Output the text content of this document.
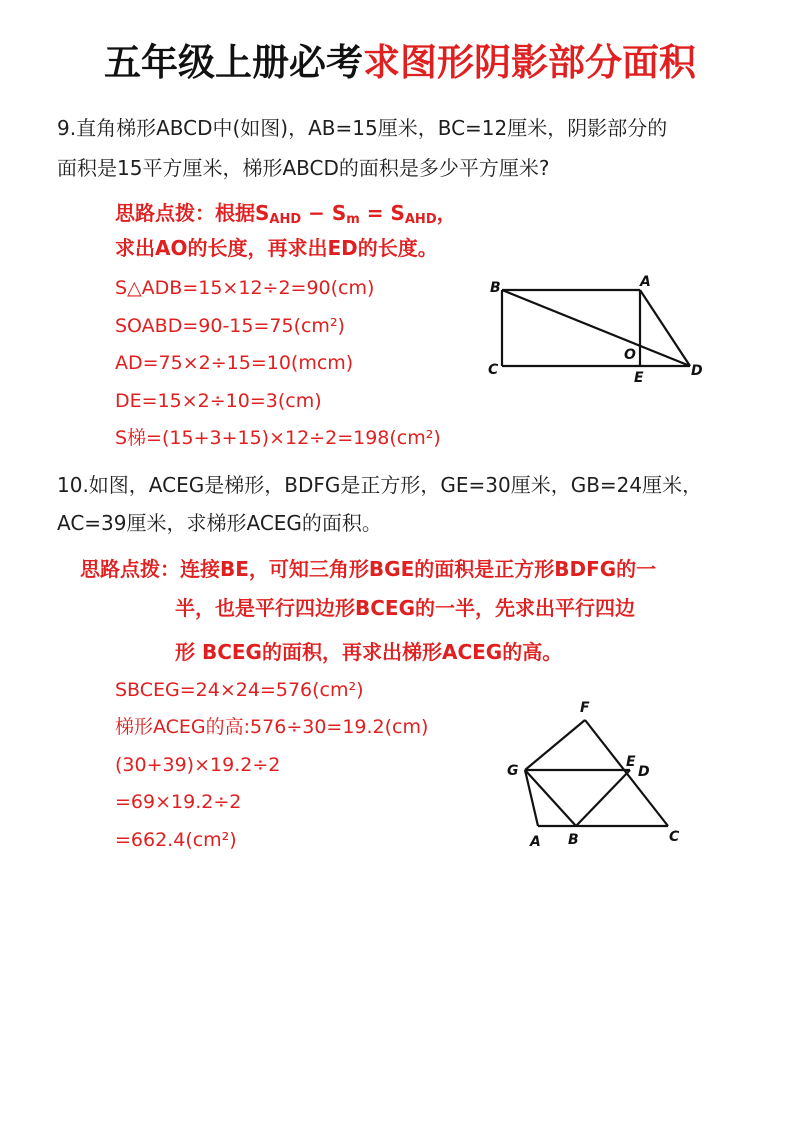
五年级上册必考求图形阴影部分面积
9.直角梯形ABCD中(如图)，AB=15厘米，BC=12厘米，阴影部分的
面积是15平方厘米，梯形ABCD的面积是多少平方厘米?
思路点拨：根据$S_{AHD} - S_m = S_{AHD}$，
求出AO的长度，再求出ED的长度。
S△ADB=15×12÷2=90(cm)
SOABD=90-15=75(cm²)
AD=75×2÷15=10(mcm)
DE=15×2÷10=3(cm)
S梯=(15+3+15)×12÷2=198(cm²)
B	A
C
O
E	D
10.如图，ACEG是梯形，BDFG是正方形，GE=30厘米，GB=24厘米，
AC=39厘米，求梯形ACEG的面积。
思路点拨：连接BE，可知三角形BGE的面积是正方形BDFG的一
半，也是平行四边形BCEG的一半，先求出平行四边
形 BCEG的面积，再求出梯形ACEG的高。
SBCEG=24×24=576(cm²)
梯形ACEG的高:576÷30=19.2(cm)
(30+39)×19.2÷2
=69×19.2÷2
=662.4(cm²)
F
G
E
D
A B	C
